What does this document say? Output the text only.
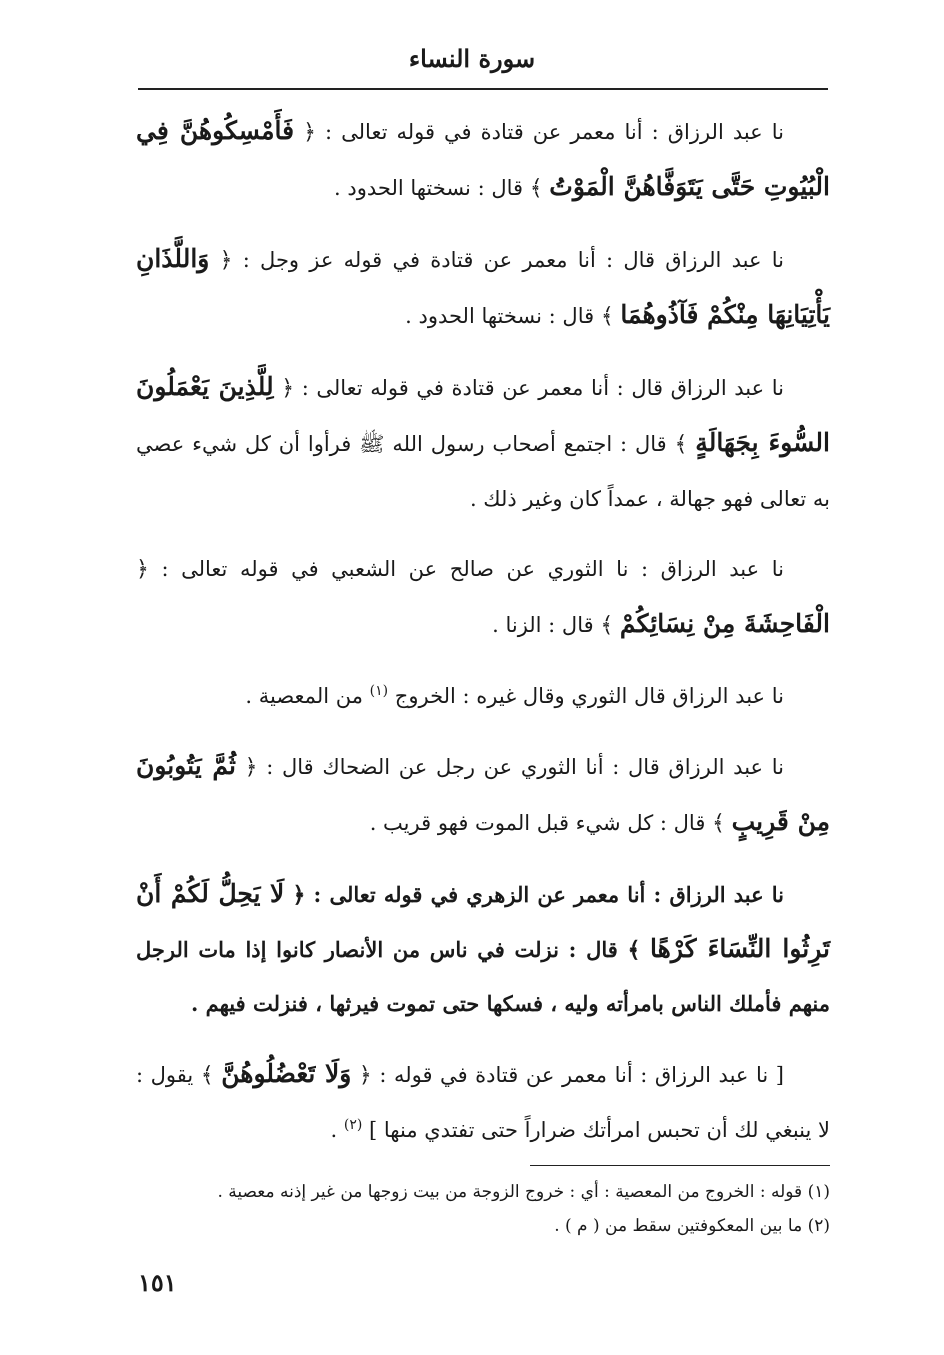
سورة النساء

نا عبد الرزاق : أنا معمر عن قتادة في قوله تعالى : ﴿ فَأَمْسِكُوهُنَّ فِي الْبُيُوتِ حَتَّى يَتَوَفَّاهُنَّ الْمَوْتُ ﴾ قال : نسختها الحدود .

نا عبد الرزاق قال : أنا معمر عن قتادة في قوله عز وجل : ﴿ وَاللَّذَانِ يَأْتِيَانِهَا مِنْكُمْ فَآذُوهُمَا ﴾ قال : نسختها الحدود .

نا عبد الرزاق قال : أنا معمر عن قتادة في قوله تعالى : ﴿ لِلَّذِينَ يَعْمَلُونَ السُّوءَ بِجَهَالَةٍ ﴾ قال : اجتمع أصحاب رسول الله ﷺ فرأوا أن كل شيء عصي به تعالى فهو جهالة ، عمداً كان وغير ذلك .

نا عبد الرزاق : نا الثوري عن صالح عن الشعبي في قوله تعالى : ﴿ الْفَاحِشَةَ مِنْ نِسَائِكُمْ ﴾ قال : الزنا .

نا عبد الرزاق قال الثوري وقال غيره : الخروج $^{(١)}$ من المعصية .

نا عبد الرزاق قال : أنا الثوري عن رجل عن الضحاك قال : ﴿ ثُمَّ يَتُوبُونَ مِنْ قَرِيبٍ ﴾ قال : كل شيء قبل الموت فهو قريب .

نا عبد الرزاق : أنا معمر عن الزهري في قوله تعالى : ﴿ لَا يَحِلُّ لَكُمْ أَنْ تَرِثُوا النِّسَاءَ كَرْهًا ﴾ قال : نزلت في ناس من الأنصار كانوا إذا مات الرجل منهم فأملك الناس بامرأته وليه ، فسكها حتى تموت فيرثها ، فنزلت فيهم .

[ نا عبد الرزاق : أنا معمر عن قتادة في قوله : ﴿ وَلَا تَعْضُلُوهُنَّ ﴾ يقول : لا ينبغي لك أن تحبس امرأتك ضراراً حتى تفتدي منها ] $^{(٢)}$ .

(١) قوله : الخروج من المعصية : أي : خروج الزوجة من بيت زوجها من غير إذنه معصية .

(٢) ما بين المعكوفتين سقط من ( م ) .

١٥١
